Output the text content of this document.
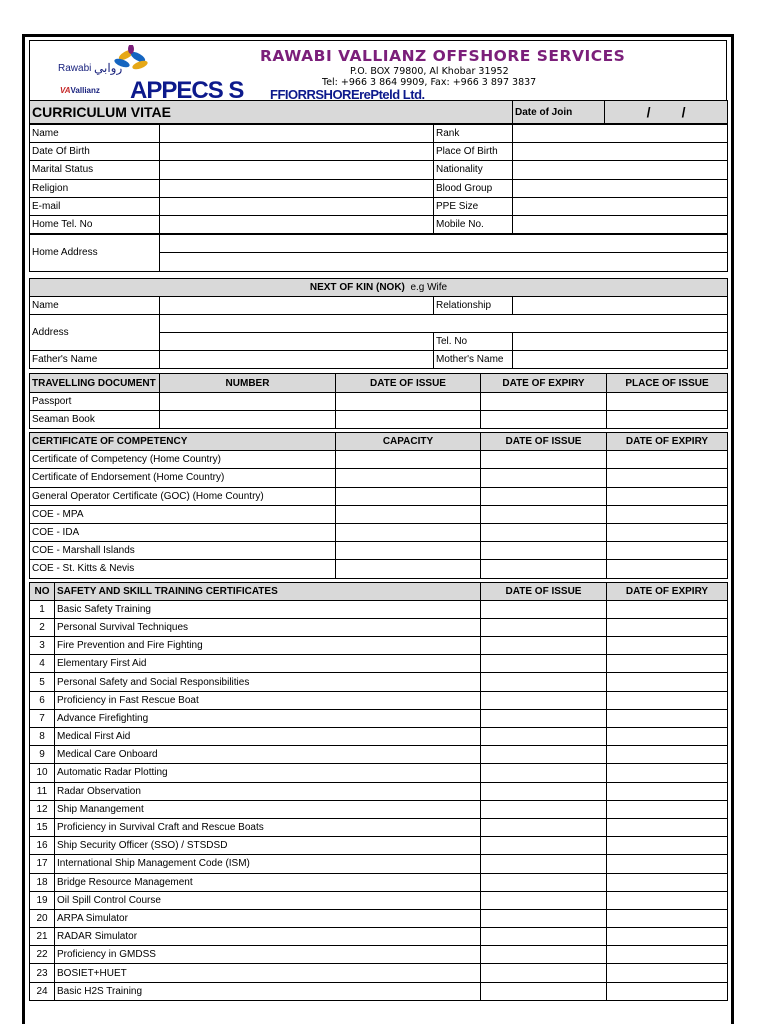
Rawabi روابي
VAVallianz APPECS S FFIORRSHORErePteld Ltd.
RAWABI VALLIANZ OFFSHORE SERVICES
P.O. BOX 79800, Al Khobar 31952
Tel: +966 3 864 9909, Fax: +966 3 897 3837
CURRICULUM VITAE	Date of Join	/ /
Name		Rank	
Date Of Birth		Place Of Birth	
Marital Status		Nationality	
Religion		Blood Group	
E-mail		PPE Size	
Home Tel. No		Mobile No.	
Home Address	

NEXT OF KIN (NOK) e.g Wife			
Name		Relationship	
Address			
		Tel. No	
Father's Name		Mother's Name	
TRAVELLING DOCUMENT	NUMBER	DATE OF ISSUE	DATE OF EXPIRY	PLACE OF ISSUE
Passport				
Seaman Book				
CERTIFICATE OF COMPETENCY	CAPACITY	DATE OF ISSUE	DATE OF EXPIRY
Certificate of Competency (Home Country)			
Certificate of Endorsement (Home Country)			
General Operator Certificate (GOC) (Home Country)			
COE - MPA			
COE - IDA			
COE - Marshall Islands			
COE - St. Kitts & Nevis			
NO	SAFETY AND SKILL TRAINING CERTIFICATES	DATE OF ISSUE	DATE OF EXPIRY
1	Basic Safety Training		
2	Personal Survival Techniques		
3	Fire Prevention and Fire Fighting		
4	Elementary First Aid		
5	Personal Safety and Social Responsibilities		
6	Proficiency in Fast Rescue Boat		
7	Advance Firefighting		
8	Medical First Aid		
9	Medical Care Onboard		
10	Automatic Radar Plotting		
11	Radar Observation		
12	Ship Manangement		
15	Proficiency in Survival Craft and Rescue Boats		
16	Ship Security Officer (SSO) / STSDSD		
17	International Ship Management Code (ISM)		
18	Bridge Resource Management		
19	Oil Spill Control Course		
20	ARPA Simulator		
21	RADAR Simulator		
22	Proficiency in GMDSS		
23	BOSIET+HUET		
24	Basic H2S Training		
